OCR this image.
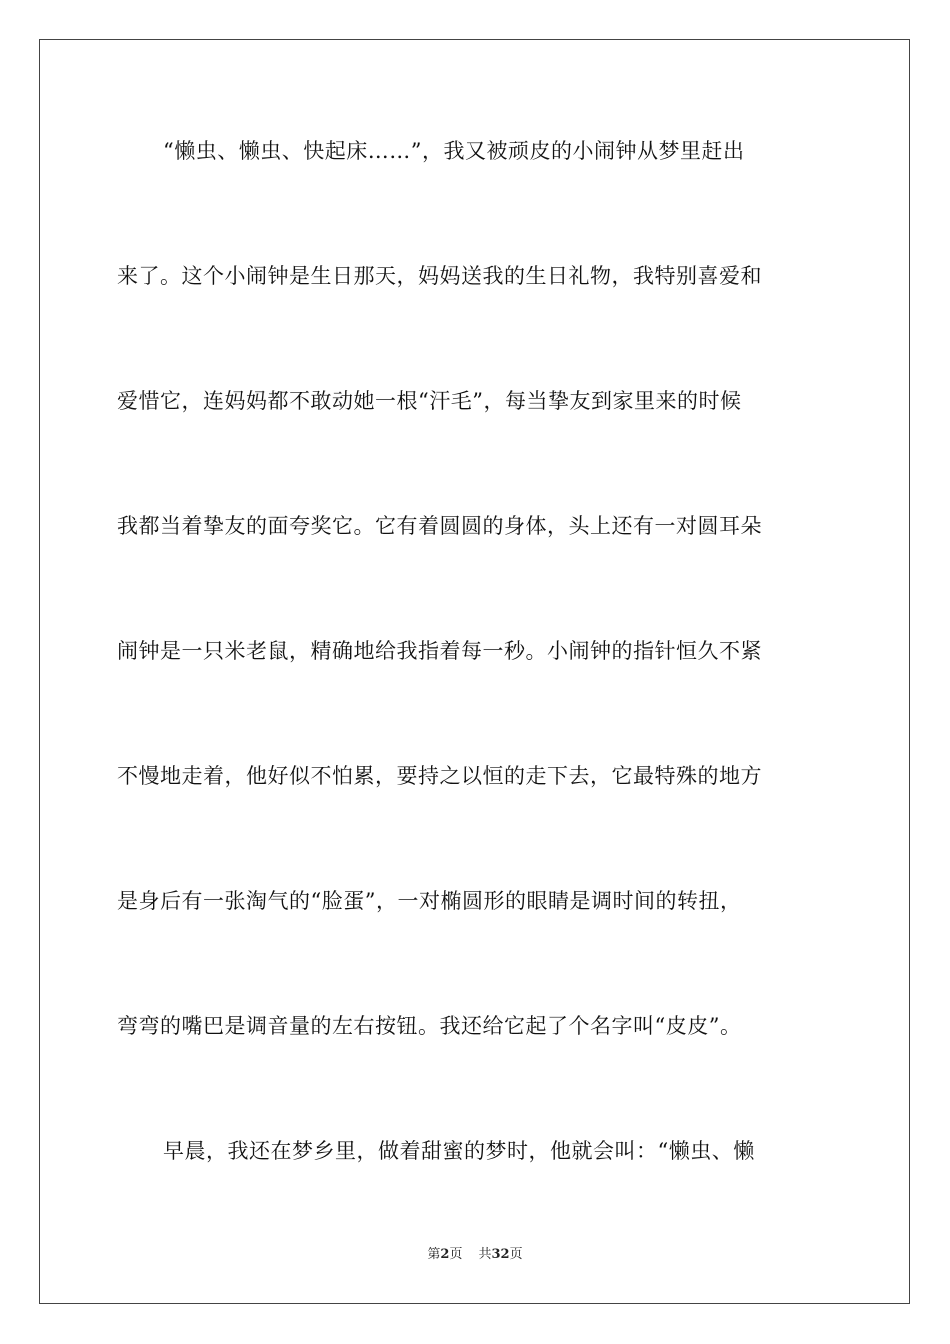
“懒虫、懒虫、快起床……”，我又被顽皮的小闹钟从梦里赶出
来了。这个小闹钟是生日那天，妈妈送我的生日礼物，我特别喜爱和
爱惜它，连妈妈都不敢动她一根“汗毛”，每当挚友到家里来的时候
我都当着挚友的面夸奖它。它有着圆圆的身体，头上还有一对圆耳朵
闹钟是一只米老鼠，精确地给我指着每一秒。小闹钟的指针恒久不紧
不慢地走着，他好似不怕累，要持之以恒的走下去，它最特殊的地方
是身后有一张淘气的“脸蛋”，一对椭圆形的眼睛是调时间的转扭，
弯弯的嘴巴是调音量的左右按钮。我还给它起了个名字叫“皮皮”。
早晨，我还在梦乡里，做着甜蜜的梦时，他就会叫：“懒虫、懒
第2页 共32页
